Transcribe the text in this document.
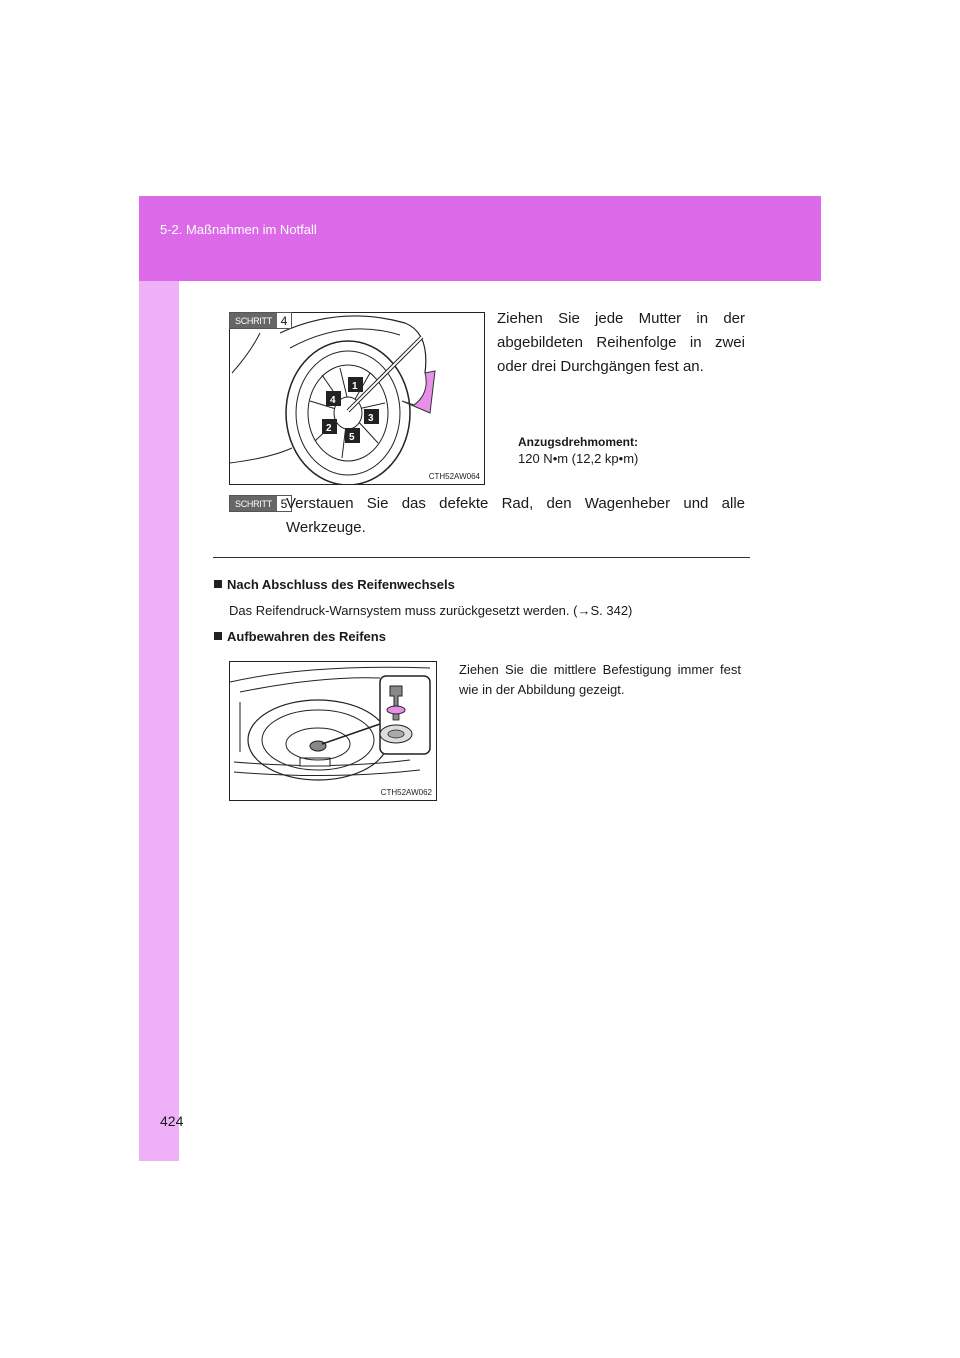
5-2. Maßnahmen im Notfall
1
4
3
2
5
CTH52AW064
SCHRITT 4	Ziehen Sie jede Mutter in der abgebildeten Reihenfolge in zwei oder drei Durchgängen fest an.
Anzugsdrehmoment:
120 N•m (12,2 kp•m)
SCHRITT 5
Verstauen Sie das defekte Rad, den Wagenheber und alle Werkzeuge.
Nach Abschluss des Reifenwechsels
Das Reifendruck-Warnsystem muss zurückgesetzt werden. (→S. 342)
Aufbewahren des Reifens
CTH52AW062
Ziehen Sie die mittlere Befestigung immer fest wie in der Abbildung gezeigt.
424
